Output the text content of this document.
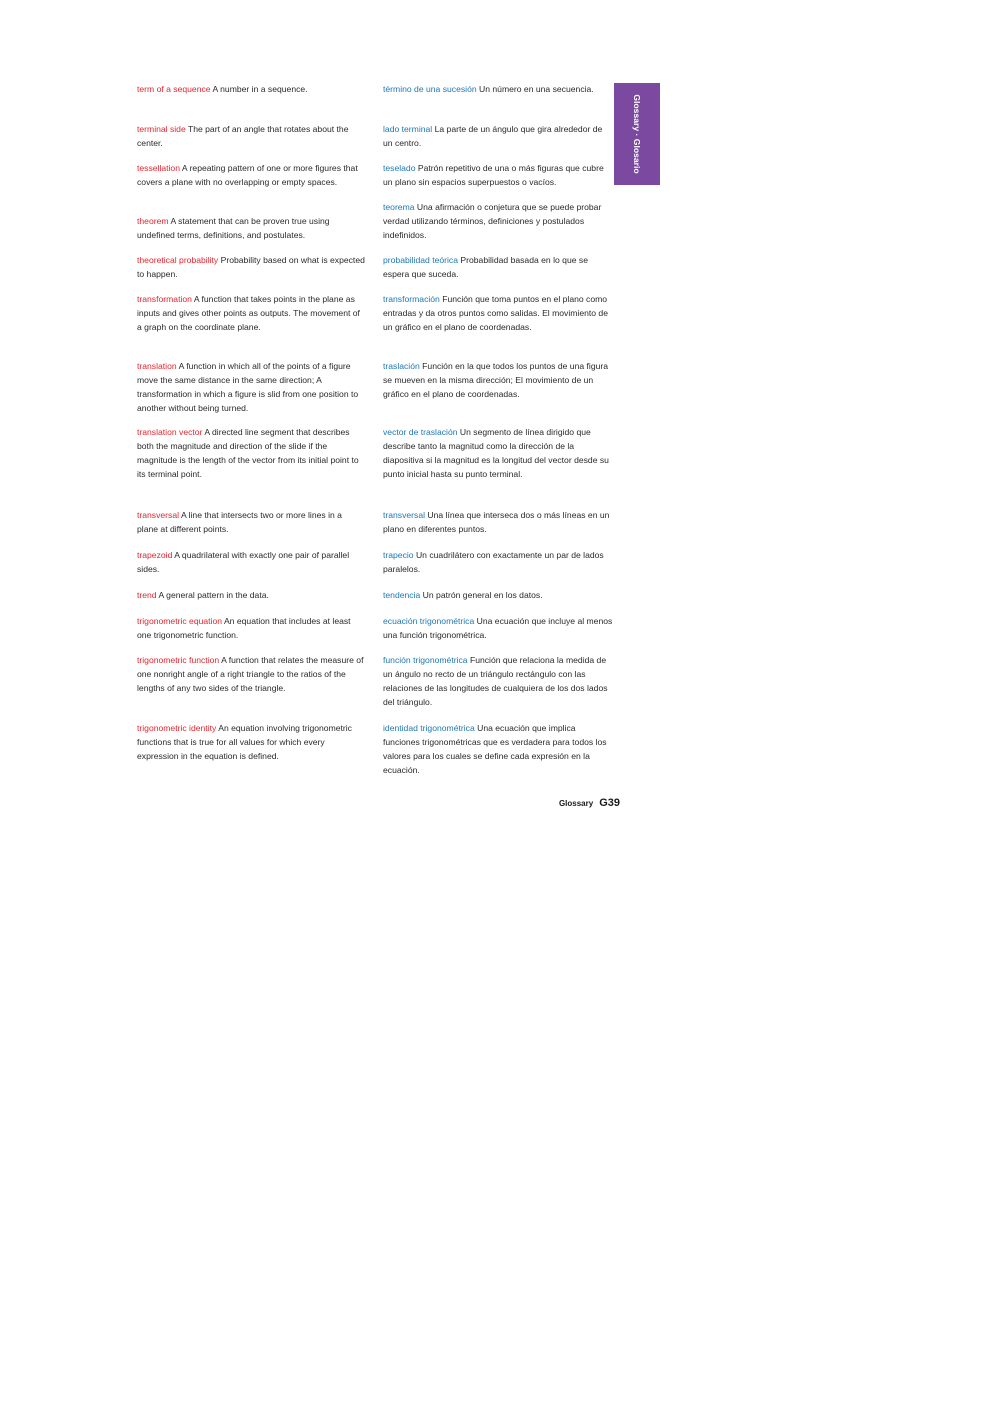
Glossary · Glosario
term of a sequence A number in a sequence.	término de una sucesión Un número en una secuencia.
terminal side The part of an angle that rotates about the center.
lado terminal La parte de un ángulo que gira alrededor de un centro.
tessellation A repeating pattern of one or more figures that covers a plane with no overlapping or empty spaces.
teselado Patrón repetitivo de una o más figuras que cubre un plano sin espacios superpuestos o vacíos.
theorem A statement that can be proven true using undefined terms, definitions, and postulates.
teorema Una afirmación o conjetura que se puede probar verdad utilizando términos, definiciones y postulados indefinidos.
theoretical probability Probability based on what is expected to happen.
probabilidad teórica Probabilidad basada en lo que se espera que suceda.
transformation A function that takes points in the plane as inputs and gives other points as outputs. The movement of a graph on the coordinate plane.
transformación Función que toma puntos en el plano como entradas y da otros puntos como salidas. El movimiento de un gráfico en el plano de coordenadas.
translation A function in which all of the points of a figure move the same distance in the same direction; A transformation in which a figure is slid from one position to another without being turned.
traslación Función en la que todos los puntos de una figura se mueven en la misma dirección; El movimiento de un gráfico en el plano de coordenadas.
translation vector A directed line segment that describes both the magnitude and direction of the slide if the magnitude is the length of the vector from its initial point to its terminal point.
vector de traslación Un segmento de línea dirigido que describe tanto la magnitud como la dirección de la diapositiva si la magnitud es la longitud del vector desde su punto inicial hasta su punto terminal.
transversal A line that intersects two or more lines in a plane at different points.
transversal Una línea que interseca dos o más líneas en un plano en diferentes puntos.
trapezoid A quadrilateral with exactly one pair of parallel sides.
trapecio Un cuadrilátero con exactamente un par de lados paralelos.
trend A general pattern in the data.	tendencia Un patrón general en los datos.
trigonometric equation An equation that includes at least one trigonometric function.
ecuación trigonométrica Una ecuación que incluye al menos una función trigonométrica.
trigonometric function A function that relates the measure of one nonright angle of a right triangle to the ratios of the lengths of any two sides of the triangle.
función trigonométrica Función que relaciona la medida de un ángulo no recto de un triángulo rectángulo con las relaciones de las longitudes de cualquiera de los dos lados del triángulo.
trigonometric identity An equation involving trigonometric functions that is true for all values for which every expression in the equation is defined.
identidad trigonométrica Una ecuación que implica funciones trigonométricas que es verdadera para todos los valores para los cuales se define cada expresión en la ecuación.
Glossary G39
